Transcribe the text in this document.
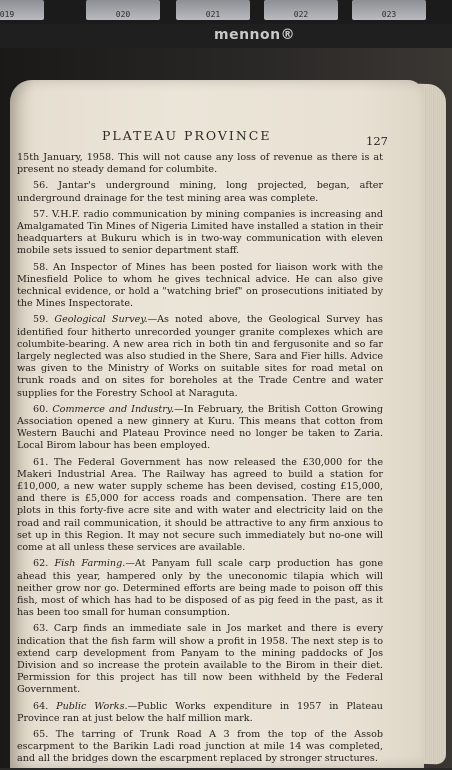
019	020	021	022	023
mennon®
PLATEAU PROVINCE	127

15th January, 1958. This will not cause any loss of revenue as there is at present no steady demand for columbite.

56. Jantar's underground mining, long projected, began, after underground drainage for the test mining area was complete.

57. V.H.F. radio communication by mining companies is increasing and Amalgamated Tin Mines of Nigeria Limited have installed a station in their headquarters at Bukuru which is in two-way communication with eleven mobile sets issued to senior department staff.

58. An Inspector of Mines has been posted for liaison work with the Minesfield Police to whom he gives technical advice. He can also give technical evidence, or hold a "watching brief" on prosecutions initiated by the Mines Inspectorate.

59. Geological Survey.—As noted above, the Geological Survey has identified four hitherto unrecorded younger granite complexes which are columbite-bearing. A new area rich in both tin and fergusonite and so far largely neglected was also studied in the Shere, Sara and Fier hills. Advice was given to the Ministry of Works on suitable sites for road metal on trunk roads and on sites for boreholes at the Trade Centre and water supplies for the Forestry School at Naraguta.

60. Commerce and Industry.—In February, the British Cotton Growing Association opened a new ginnery at Kuru. This means that cotton from Western Bauchi and Plateau Province need no longer be taken to Zaria. Local Birom labour has been employed.

61. The Federal Government has now released the £30,000 for the Makeri Industrial Area. The Railway has agreed to build a station for £10,000, a new water supply scheme has been devised, costing £15,000, and there is £5,000 for access roads and compensation. There are ten plots in this forty-five acre site and with water and electricity laid on the road and rail communication, it should be attractive to any firm anxious to set up in this Region. It may not secure such immediately but no-one will come at all unless these services are available.

62. Fish Farming.—At Panyam full scale carp production has gone ahead this year, hampered only by the uneconomic tilapia which will neither grow nor go. Determined efforts are being made to poison off this fish, most of which has had to be disposed of as pig feed in the past, as it has been too small for human consumption.

63. Carp finds an immediate sale in Jos market and there is every indication that the fish farm will show a profit in 1958. The next step is to extend carp development from Panyam to the mining paddocks of Jos Division and so increase the protein available to the Birom in their diet. Permission for this project has till now been withheld by the Federal Government.

64. Public Works.—Public Works expenditure in 1957 in Plateau Province ran at just below the half million mark.

65. The tarring of Trunk Road A 3 from the top of the Assob escarpment to the Barikin Ladi road junction at mile 14 was completed, and all the bridges down the escarpment replaced by stronger structures.
